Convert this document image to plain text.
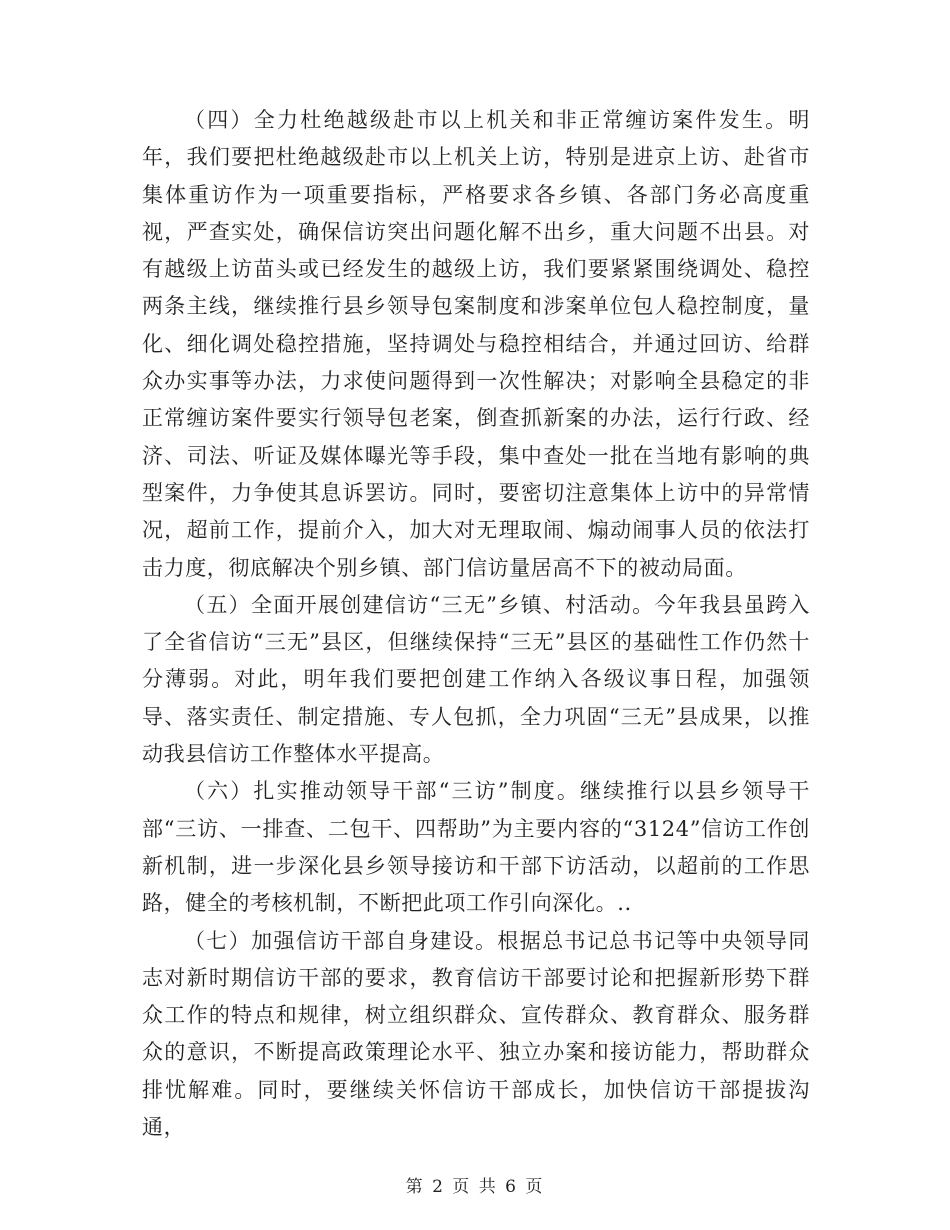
（四）全力杜绝越级赴市以上机关和非正常缠访案件发生。明年，我们要把杜绝越级赴市以上机关上访，特别是进京上访、赴省市集体重访作为一项重要指标，严格要求各乡镇、各部门务必高度重视，严查实处，确保信访突出问题化解不出乡，重大问题不出县。对有越级上访苗头或已经发生的越级上访，我们要紧紧围绕调处、稳控两条主线，继续推行县乡领导包案制度和涉案单位包人稳控制度，量化、细化调处稳控措施，坚持调处与稳控相结合，并通过回访、给群众办实事等办法，力求使问题得到一次性解决；对影响全县稳定的非正常缠访案件要实行领导包老案，倒查抓新案的办法，运行行政、经济、司法、听证及媒体曝光等手段，集中查处一批在当地有影响的典型案件，力争使其息诉罢访。同时，要密切注意集体上访中的异常情况，超前工作，提前介入，加大对无理取闹、煽动闹事人员的依法打击力度，彻底解决个别乡镇、部门信访量居高不下的被动局面。

（五）全面开展创建信访“三无”乡镇、村活动。今年我县虽跨入了全省信访“三无”县区，但继续保持“三无”县区的基础性工作仍然十分薄弱。对此，明年我们要把创建工作纳入各级议事日程，加强领导、落实责任、制定措施、专人包抓，全力巩固“三无”县成果，以推动我县信访工作整体水平提高。

（六）扎实推动领导干部“三访”制度。继续推行以县乡领导干部“三访、一排查、二包干、四帮助”为主要内容的“3124”信访工作创新机制，进一步深化县乡领导接访和干部下访活动，以超前的工作思路，健全的考核机制，不断把此项工作引向深化。..

（七）加强信访干部自身建设。根据总书记总书记等中央领导同志对新时期信访干部的要求，教育信访干部要讨论和把握新形势下群众工作的特点和规律，树立组织群众、宣传群众、教育群众、服务群众的意识，不断提高政策理论水平、独立办案和接访能力，帮助群众排忧解难。同时，要继续关怀信访干部成长，加快信访干部提拔沟通，

第 2 页 共 6 页
